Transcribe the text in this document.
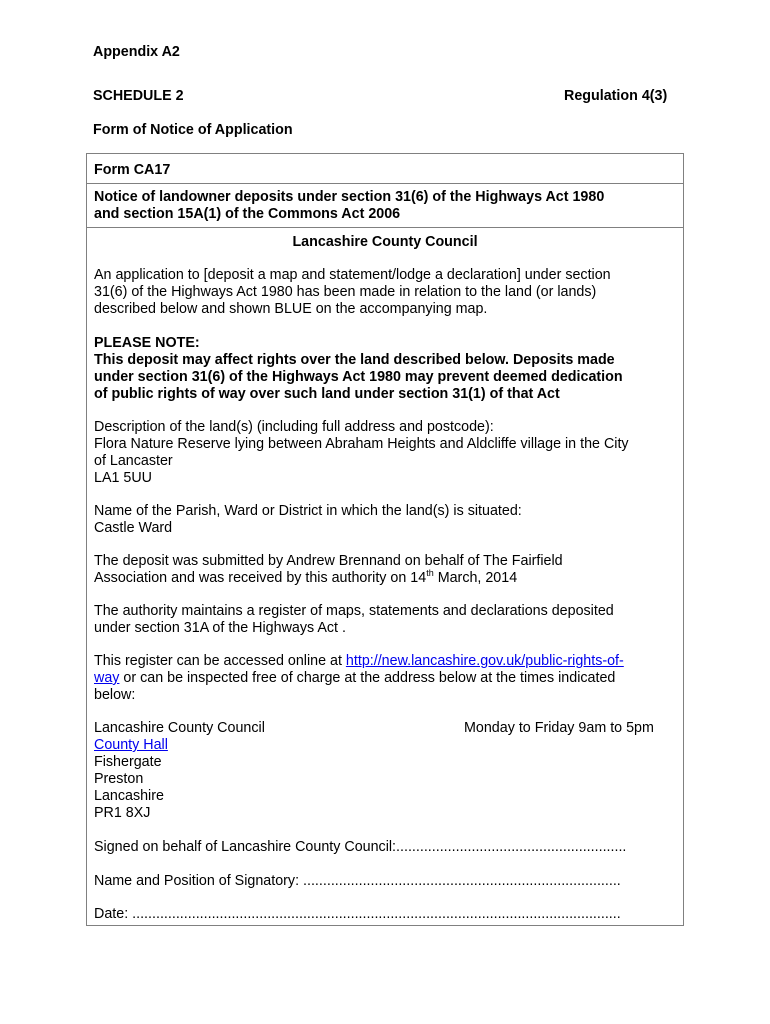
Appendix A2
SCHEDULE 2	Regulation 4(3)
Form of Notice of Application
Form CA17
Notice of landowner deposits under section 31(6) of the Highways Act 1980
and section 15A(1) of the Commons Act 2006
Lancashire County Council
An application to [deposit a map and statement/lodge a declaration] under section
31(6) of the Highways Act 1980 has been made in relation to the land (or lands)
described below and shown BLUE on the accompanying map.
PLEASE NOTE:
This deposit may affect rights over the land described below. Deposits made
under section 31(6) of the Highways Act 1980 may prevent deemed dedication
of public rights of way over such land under section 31(1) of that Act
Description of the land(s) (including full address and postcode):
Flora Nature Reserve lying between Abraham Heights and Aldcliffe village in the City
of Lancaster
LA1 5UU
Name of the Parish, Ward or District in which the land(s) is situated:
Castle Ward
The deposit was submitted by Andrew Brennand on behalf of The Fairfield
Association and was received by this authority on 14th March, 2014
The authority maintains a register of maps, statements and declarations deposited
under section 31A of the Highways Act .
This register can be accessed online at http://new.lancashire.gov.uk/public-rights-of-
way or can be inspected free of charge at the address below at the times indicated
below:
Lancashire County Council
County Hall
Fishergate
Preston
Lancashire
PR1 8XJ
Monday to Friday 9am to 5pm
Signed on behalf of Lancashire County Council:..........................................................
Name and Position of Signatory: ................................................................................
Date: ...........................................................................................................................
